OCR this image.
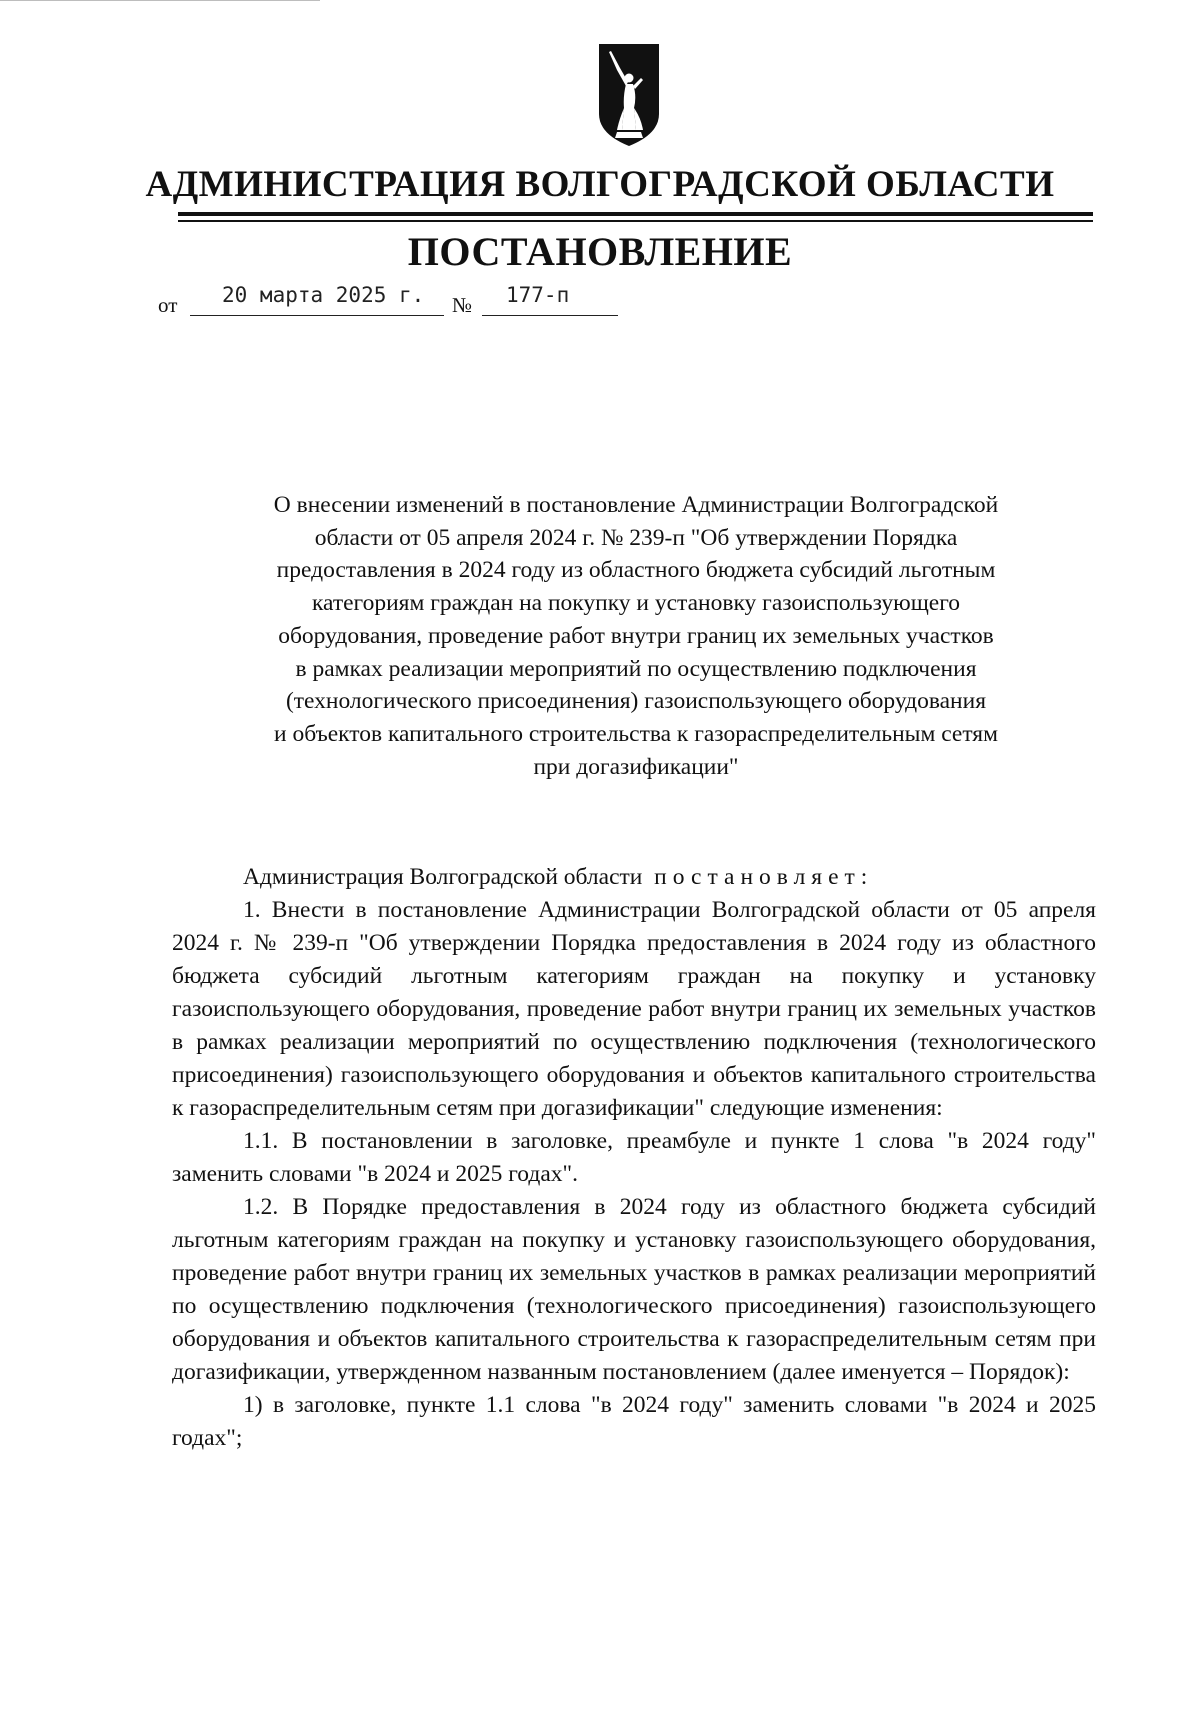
АДМИНИСТРАЦИЯ ВОЛГОГРАДСКОЙ ОБЛАСТИ
ПОСТАНОВЛЕНИЕ
от 20 марта 2025 г. № 177-п
О внесении изменений в постановление Администрации Волгоградской
области от 05 апреля 2024 г. № 239-п "Об утверждении Порядка
предоставления в 2024 году из областного бюджета субсидий льготным
категориям граждан на покупку и установку газоиспользующего
оборудования, проведение работ внутри границ их земельных участков
в рамках реализации мероприятий по осуществлению подключения
(технологического присоединения) газоиспользующего оборудования
и объектов капитального строительства к газораспределительным сетям
при догазификации"

Администрация Волгоградской области постановляет:

1. Внести в постановление Администрации Волгоградской области от 05 апреля 2024 г. № 239-п "Об утверждении Порядка предоставления в 2024 году из областного бюджета субсидий льготным категориям граждан на покупку и установку газоиспользующего оборудования, проведение работ внутри границ их земельных участков в рамках реализации мероприятий по осуществлению подключения (технологического присоединения) газоиспользующего оборудования и объектов капитального строительства к газораспределительным сетям при догазификации" следующие изменения:

1.1. В постановлении в заголовке, преамбуле и пункте 1 слова "в 2024 году" заменить словами "в 2024 и 2025 годах".

1.2. В Порядке предоставления в 2024 году из областного бюджета субсидий льготным категориям граждан на покупку и установку газоиспользующего оборудования, проведение работ внутри границ их земельных участков в рамках реализации мероприятий по осуществлению подключения (технологического присоединения) газоиспользующего оборудования и объектов капитального строительства к газораспределительным сетям при догазификации, утвержденном названным постановлением (далее именуется – Порядок):

1) в заголовке, пункте 1.1 слова "в 2024 году" заменить словами "в 2024 и 2025 годах";
